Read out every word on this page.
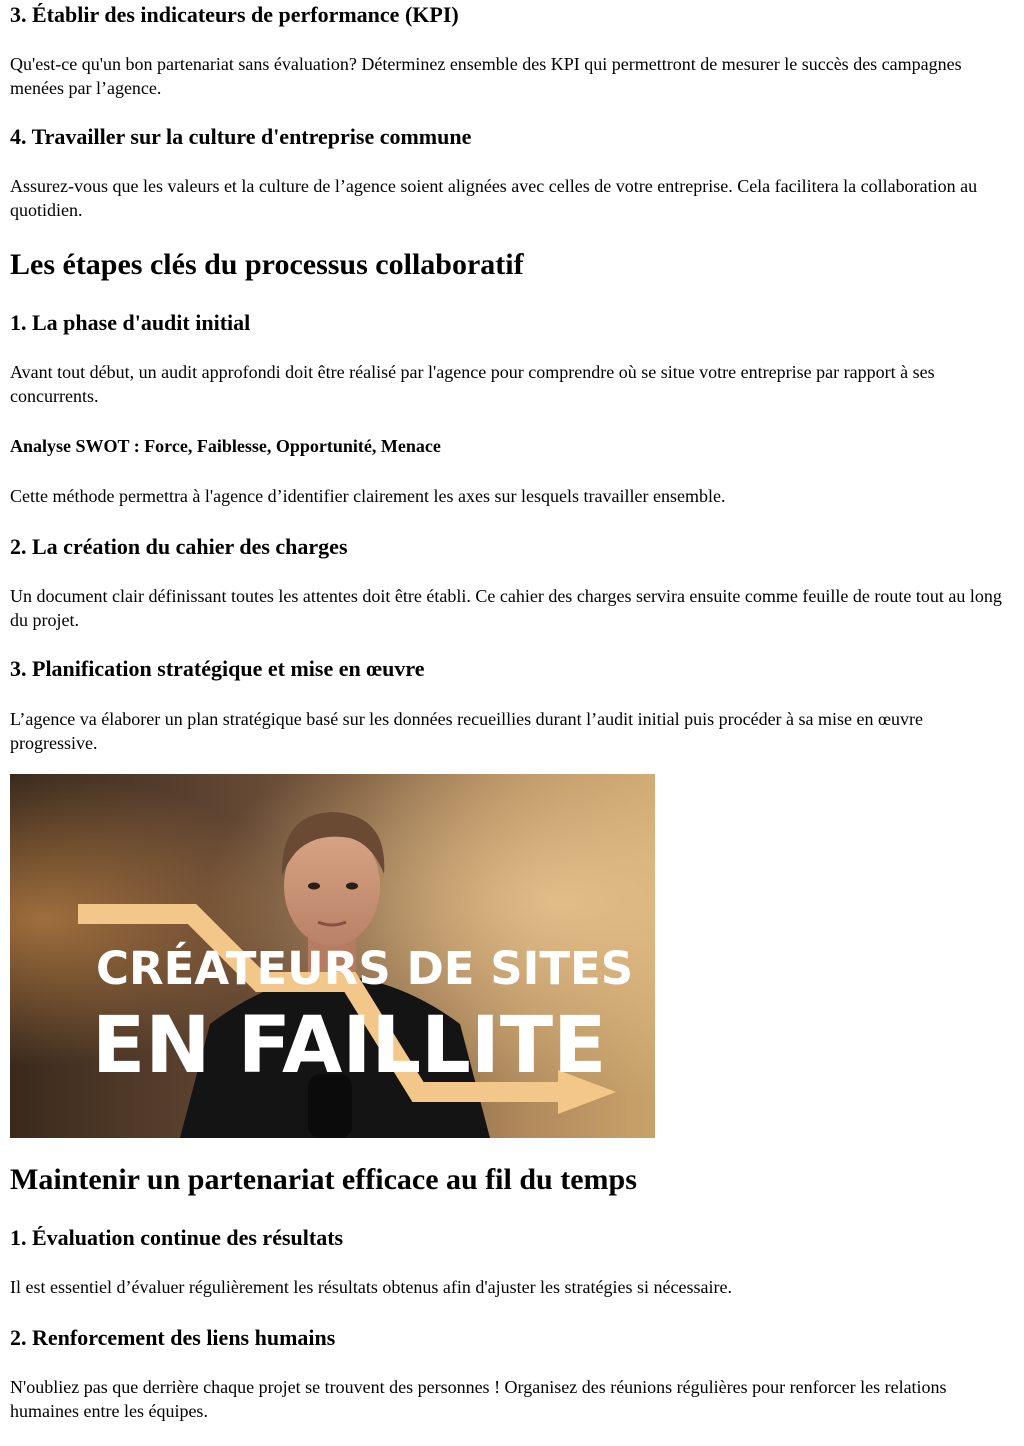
3. Établir des indicateurs de performance (KPI)

Qu'est-ce qu'un bon partenariat sans évaluation? Déterminez ensemble des KPI qui permettront de mesurer le succès des campagnes menées par l’agence.

4. Travailler sur la culture d'entreprise commune

Assurez-vous que les valeurs et la culture de l’agence soient alignées avec celles de votre entreprise. Cela facilitera la collaboration au quotidien.

Les étapes clés du processus collaboratif
1. La phase d'audit initial

Avant tout début, un audit approfondi doit être réalisé par l'agence pour comprendre où se situe votre entreprise par rapport à ses concurrents.

Analyse SWOT : Force, Faiblesse, Opportunité, Menace

Cette méthode permettra à l'agence d’identifier clairement les axes sur lesquels travailler ensemble.

2. La création du cahier des charges

Un document clair définissant toutes les attentes doit être établi. Ce cahier des charges servira ensuite comme feuille de route tout au long du projet.

3. Planification stratégique et mise en œuvre

L’agence va élaborer un plan stratégique basé sur les données recueillies durant l’audit initial puis procéder à sa mise en œuvre progressive.

CRÉATEURS DE SITES
EN FAILLITE
Maintenir un partenariat efficace au fil du temps
1. Évaluation continue des résultats

Il est essentiel d’évaluer régulièrement les résultats obtenus afin d'ajuster les stratégies si nécessaire.

2. Renforcement des liens humains

N'oubliez pas que derrière chaque projet se trouvent des personnes ! Organisez des réunions régulières pour renforcer les relations humaines entre les équipes.
